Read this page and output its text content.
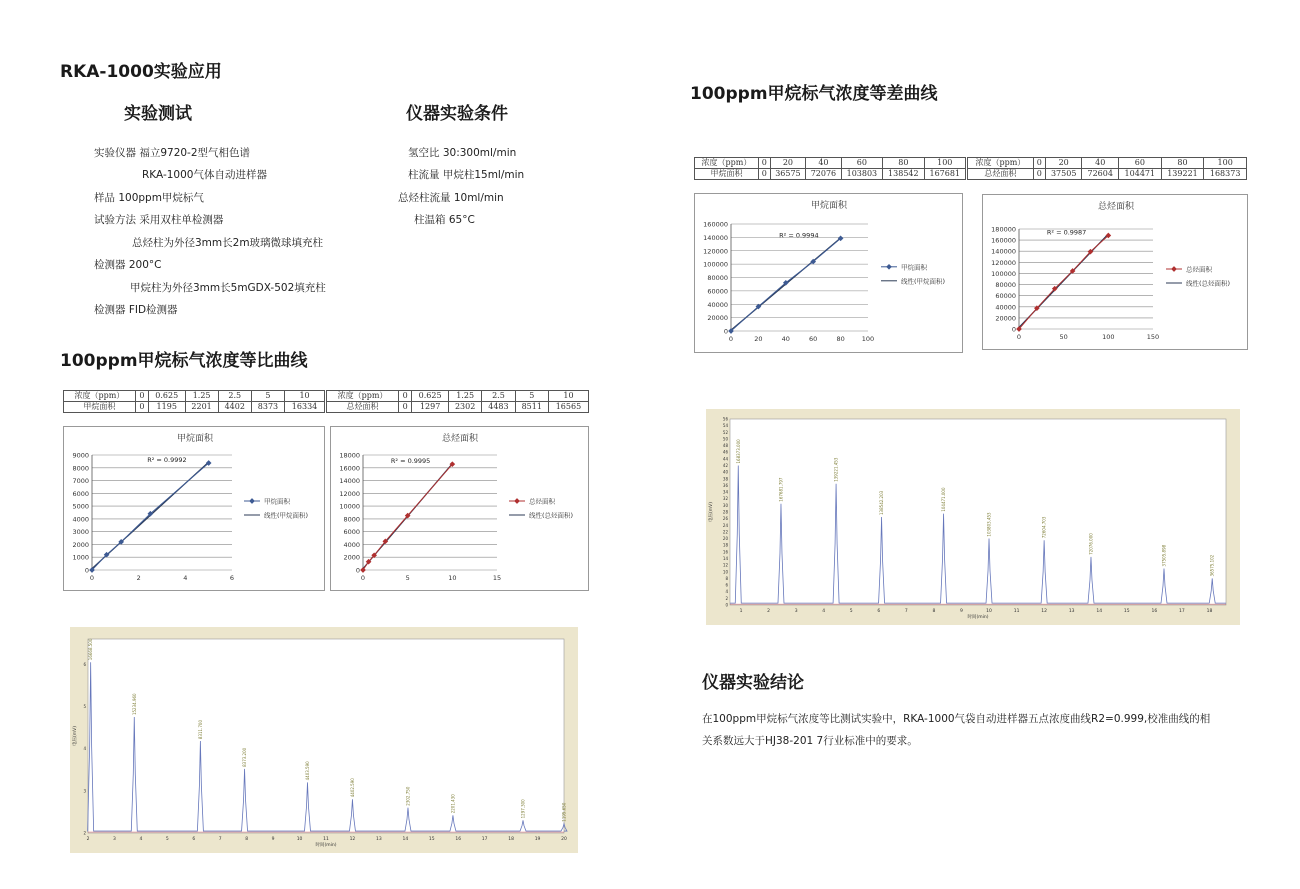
RKA-1000实验应用
实验测试	仪器实验条件
实验仪器 福立9720-2型气相色谱
RKA-1000气体自动进样器
样品 100ppm甲烷标气
试验方法 采用双柱单检测器
总烃柱为外径3mm长2m玻璃微球填充柱
检测器 200°C
甲烷柱为外径3mm长5mGDX-502填充柱
检测器 FID检测器
氢空比 30:300ml/min
柱流量 甲烷柱15ml/min
总烃柱流量 10ml/min
柱温箱 65°C
100ppm甲烷标气浓度等比曲线
浓度（ppm）	0	0.625	1.25	2.5	5	10
甲烷面积	0	1195	2201	4402	8373	16334
浓度（ppm）	0	0.625	1.25	2.5	5	10
总烃面积	0	1297	2302	4483	8511	16565
甲烷面积
0
1000
2000
3000
4000
5000
6000
7000
8000
9000
0	2	4	6
R² = 0.9992
甲烷面积
线性(甲烷面积)
总烃面积
0
2000
4000
6000
8000
10000
12000
14000
16000
18000
0	5	10	15
R² = 0.9995
总烃面积
线性(总烃面积)
2
3
4
5
6
2	3	4	5	6	7	8	9	10	11	12	13	14	15	16	17	18	19	20
时间(min)
电压(mV)
16668.500
15234.960
8311.700
8373.200
4403.590
4402.590	2302.750	2201.430	1297.300	1195.650
100ppm甲烷标气浓度等差曲线
浓度（ppm）	0	20	40	60	80	100
甲烷面积	0	36575	72076	103803	138542	167681
浓度（ppm）	0	20	40	60	80	100
总烃面积	0	37505	72604	104471	139221	168373
甲烷面积
0
20000
40000
60000
80000
100000
120000
140000
160000
0	20	40	60	80	100
R² = 0.9994
甲烷面积
线性(甲烷面积)
总烃面积
0
20000
40000
60000
80000
100000
120000
140000
160000
180000
0	50	100	150
R² = 0.9987
总烃面积
线性(总烃面积)
0
2
4
6
8
10
12
14
16
18
20
22
24
26
28
30
32
34
36
38
40
42
44
46
48
50
52
54
56
1	2	3	4	5	6	7	8	9	10	11	12	13	14	15	16	17	18
时间(min)
电压(mV)
168373.000
167681.797
139221.453
138542.203	104471.000
103803.453	72604.703
72076.000
37505.898	36575.102
仪器实验结论
在100ppm甲烷标气浓度等比测试实验中，RKA-1000气袋自动进样器五点浓度曲线R2=0.999,校准曲线的相
关系数远大于HJ38-201 7行业标准中的要求。
